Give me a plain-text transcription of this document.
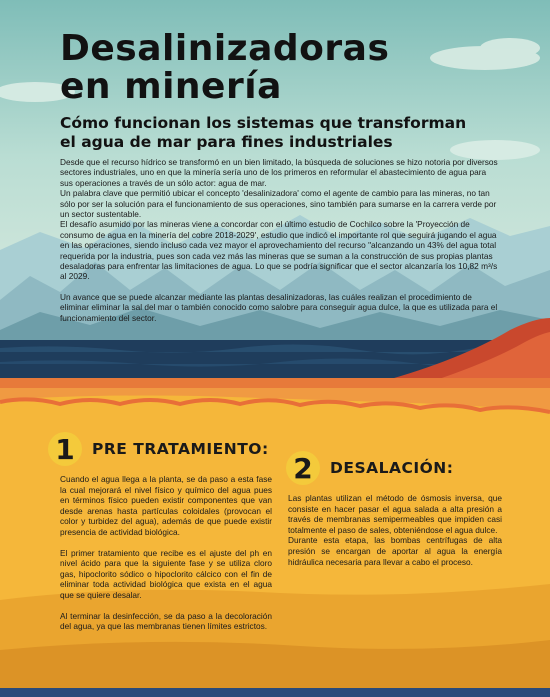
Desalinizadoras
en minería
Cómo funcionan los sistemas que transforman el agua de mar para fines industriales

Desde que el recurso hídrico se transformó en un bien limitado, la búsqueda de soluciones se hizo notoria por diversos sectores industriales, uno en que la minería sería uno de los primeros en reformular el abastecimiento de agua para sus operaciones a través de un sólo actor: agua de mar.

Un palabra clave que permitió ubicar el concepto 'desalinizadora' como el agente de cambio para las mineras, no tan sólo por ser la solución para el funcionamiento de sus operaciones, sino también para sumarse en la carrera verde por un sector sustentable.

El desafío asumido por las mineras viene a concordar con el último estudio de Cochilco sobre la 'Proyección de consumo de agua en la minería del cobre 2018-2029', estudio que indicó el importante rol que seguirá jugando el agua en las operaciones, siendo incluso cada vez mayor el aprovechamiento del recurso "alcanzando un 43% del agua total requerida por la industria, pues son cada vez más las mineras que se suman a la construcción de sus propias plantas desaladoras para enfrentar las limitaciones de agua. Lo que se podría significar que el sector alcanzaría los 10,82 m³/s al 2029.

Un avance que se puede alcanzar mediante las plantas desalinizadoras, las cuáles realizan el procedimiento de eliminar eliminar la sal del mar o también conocido como salobre para conseguir agua dulce, la que es utilizada para el funcionamiento del sector.

1	PRE TRATAMIENTO:

Cuando el agua llega a la planta, se da paso a esta fase la cual mejorará el nivel físico y químico del agua pues en términos físico pueden existir componentes que van desde arenas hasta partículas coloidales (provocan el color y turbidez del agua), además de que puede existir presencia de actividad biológica.

El primer tratamiento que recibe es el ajuste del ph en nivel ácido para que la siguiente fase y se utiliza cloro gas, hipoclorito sódico o hipoclorito cálcico con el fin de eliminar toda actividad biológica que exista en el agua que se quiere desalar.

Al terminar la desinfección, se da paso a la decoloración del agua, ya que las membranas tienen límites estrictos.

2	DESALACIÓN:

Las plantas utilizan el método de ósmosis inversa, que consiste en hacer pasar el agua salada a alta presión a través de membranas semipermeables que impiden casi totalmente el paso de sales, obteniéndose el agua dulce.

Durante esta etapa, las bombas centrífugas de alta presión se encargan de aportar al agua la energía hidráulica necesaria para llevar a cabo el proceso.
